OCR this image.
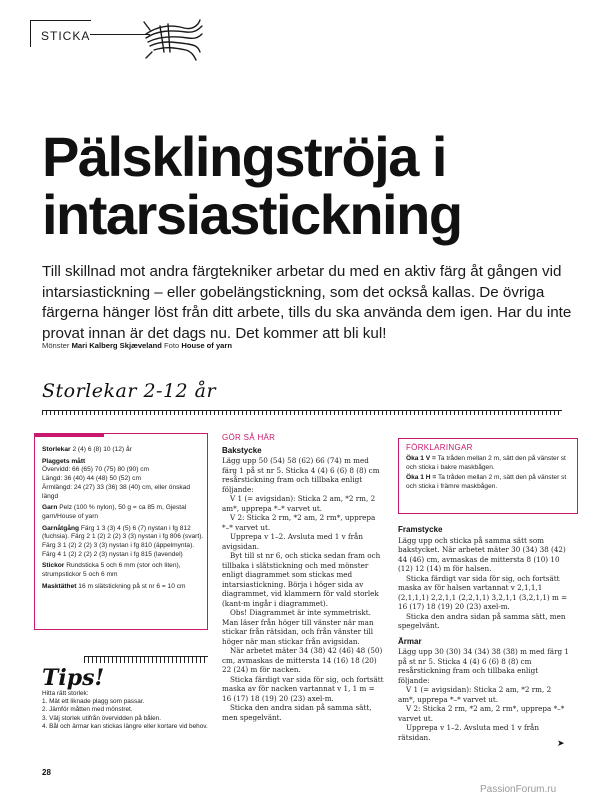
STICKA
Pälsklingströja i
intarsiastickning

Till skillnad mot andra färgtekniker arbetar du med en aktiv färg åt gången vid intarsiastickning – eller gobelängstickning, som det också kallas. De övriga färgerna hänger löst från ditt arbete, tills du ska använda dem igen. Har du inte provat innan är det dags nu. Det kommer att bli kul!

Mönster Mari Kalberg Skjæveland Foto House of yarn
Storlekar 2-12 år

Storlekar 2 (4) 6 (8) 10 (12) år

Plaggets mått
Övervidd: 66 (65) 70 (75) 80 (90) cm
Längd: 36 (40) 44 (48) 50 (52) cm
Ärmlängd: 24 (27) 33 (36) 38 (40) cm, eller önskad längd

Garn Pelz (100 % nylon), 50 g = ca 85 m, Gjestal garn/House of yarn

Garnåtgång Färg 1 3 (3) 4 (5) 6 (7) nystan i fg 812 (fuchsia). Färg 2 1 (2) 2 (2) 3 (3) nystan i fg 806 (svart). Färg 3 1 (2) 2 (2) 3 (3) nystan i fg 810 (äppelmynta). Färg 4 1 (2) 2 (2) 2 (3) nystan i fg 815 (lavendel)

Stickor Rundsticka 5 och 6 mm (stor och liten), strumpstickor 5 och 6 mm

Masktäthet 16 m slätstickning på st nr 6 = 10 cm

Tips!

Hitta rätt storlek:

1. Mät ett liknade plagg som passar.

2. Jämför måtten med mönstret.

3. Välj storlek utifrån övervidden på bålen.

4. Bål och ärmar kan stickas längre eller kortare vid behov.

GÖR SÅ HÄR
Bakstycke

Lägg upp 50 (54) 58 (62) 66 (74) m med färg 1 på st nr 5. Sticka 4 (4) 6 (6) 8 (8) cm resårstickning fram och tillbaka enligt följande:

V 1 (= avigsidan): Sticka 2 am, *2 rm, 2 am*, upprepa *–* varvet ut.

V 2: Sticka 2 rm, *2 am, 2 rm*, upprepa *–* varvet ut.

Upprepa v 1–2. Avsluta med 1 v från avigsidan.

Byt till st nr 6, och sticka sedan fram och tillbaka i slätstickning och med mönster enligt diagrammet som stickas med intarsiastickning. Börja i höger sida av diagrammet, vid klammern för vald storlek (kant-m ingår i diagrammet).

Obs! Diagrammet är inte symmetriskt. Man läser från höger till vänster när man stickar från rätsidan, och från vänster till höger när man stickar från avigsidan.

När arbetet mäter 34 (38) 42 (46) 48 (50) cm, avmaskas de mittersta 14 (16) 18 (20) 22 (24) m för nacken.

Sticka färdigt var sida för sig, och fortsätt maska av för nacken vartannat v 1, 1 m = 16 (17) 18 (19) 20 (23) axel-m.

Sticka den andra sidan på samma sätt, men spegelvänt.

FÖRKLARINGAR

Öka 1 V = Ta tråden mellan 2 m, sätt den på vänster st och sticka i bakre maskbågen.

Öka 1 H = Ta tråden mellan 2 m, sätt den på vänster st och sticka i främre maskbågen.

Framstycke

Lägg upp och sticka på samma sätt som bakstycket. När arbetet mäter 30 (34) 38 (42) 44 (46) cm, avmaskas de mittersta 8 (10) 10 (12) 12 (14) m för halsen.

Sticka färdigt var sida för sig, och fortsätt maska av för halsen vartannat v 2,1,1,1 (2,1,1,1) 2,2,1,1 (2,2,1,1) 3,2,1,1 (3,2,1,1) m = 16 (17) 18 (19) 20 (23) axel-m.

Sticka den andra sidan på samma sätt, men spegelvänt.

Ärmar

Lägg upp 30 (30) 34 (34) 38 (38) m med färg 1 på st nr 5. Sticka 4 (4) 6 (6) 8 (8) cm resårstickning fram och tillbaka enligt följande:

V 1 (= avigsidan): Sticka 2 am, *2 rm, 2 am*, upprepa *–* varvet ut.

V 2: Sticka 2 rm, *2 am, 2 rm*, upprepa *–* varvet ut.

Upprepa v 1–2. Avsluta med 1 v från rätsidan.

➤
28
PassionForum.ru
